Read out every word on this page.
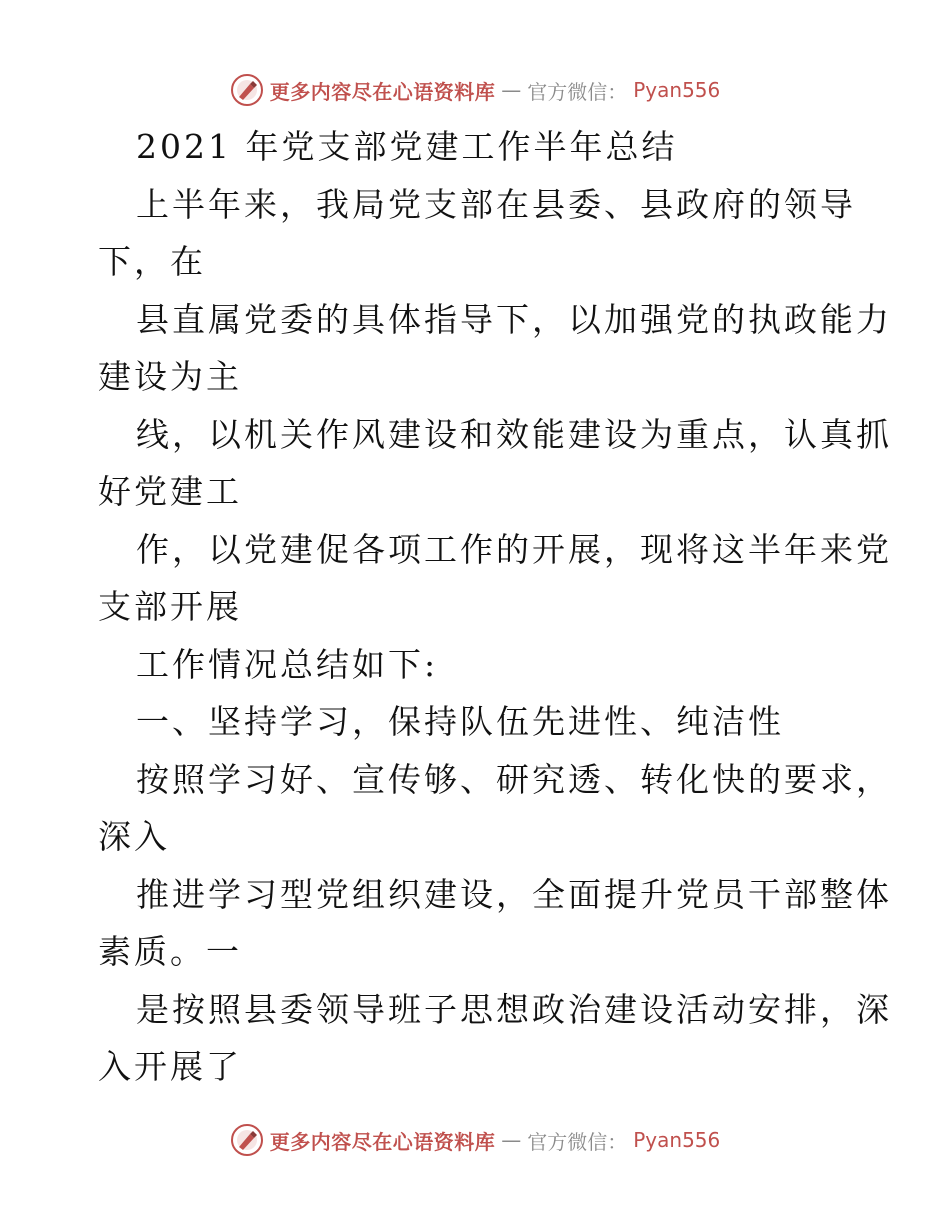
更多内容尽在心语资料库 — 官方微信： Pyan556
2021 年党支部党建工作半年总结
上半年来，我局党支部在县委、县政府的领导
下，在
县直属党委的具体指导下，以加强党的执政能力
建设为主
线，以机关作风建设和效能建设为重点，认真抓
好党建工
作，以党建促各项工作的开展，现将这半年来党
支部开展
工作情况总结如下:
一、坚持学习，保持队伍先进性、纯洁性
按照学习好、宣传够、研究透、转化快的要求，
深入
推进学习型党组织建设，全面提升党员干部整体
素质。一
是按照县委领导班子思想政治建设活动安排，深
入开展了
更多内容尽在心语资料库 — 官方微信： Pyan556
